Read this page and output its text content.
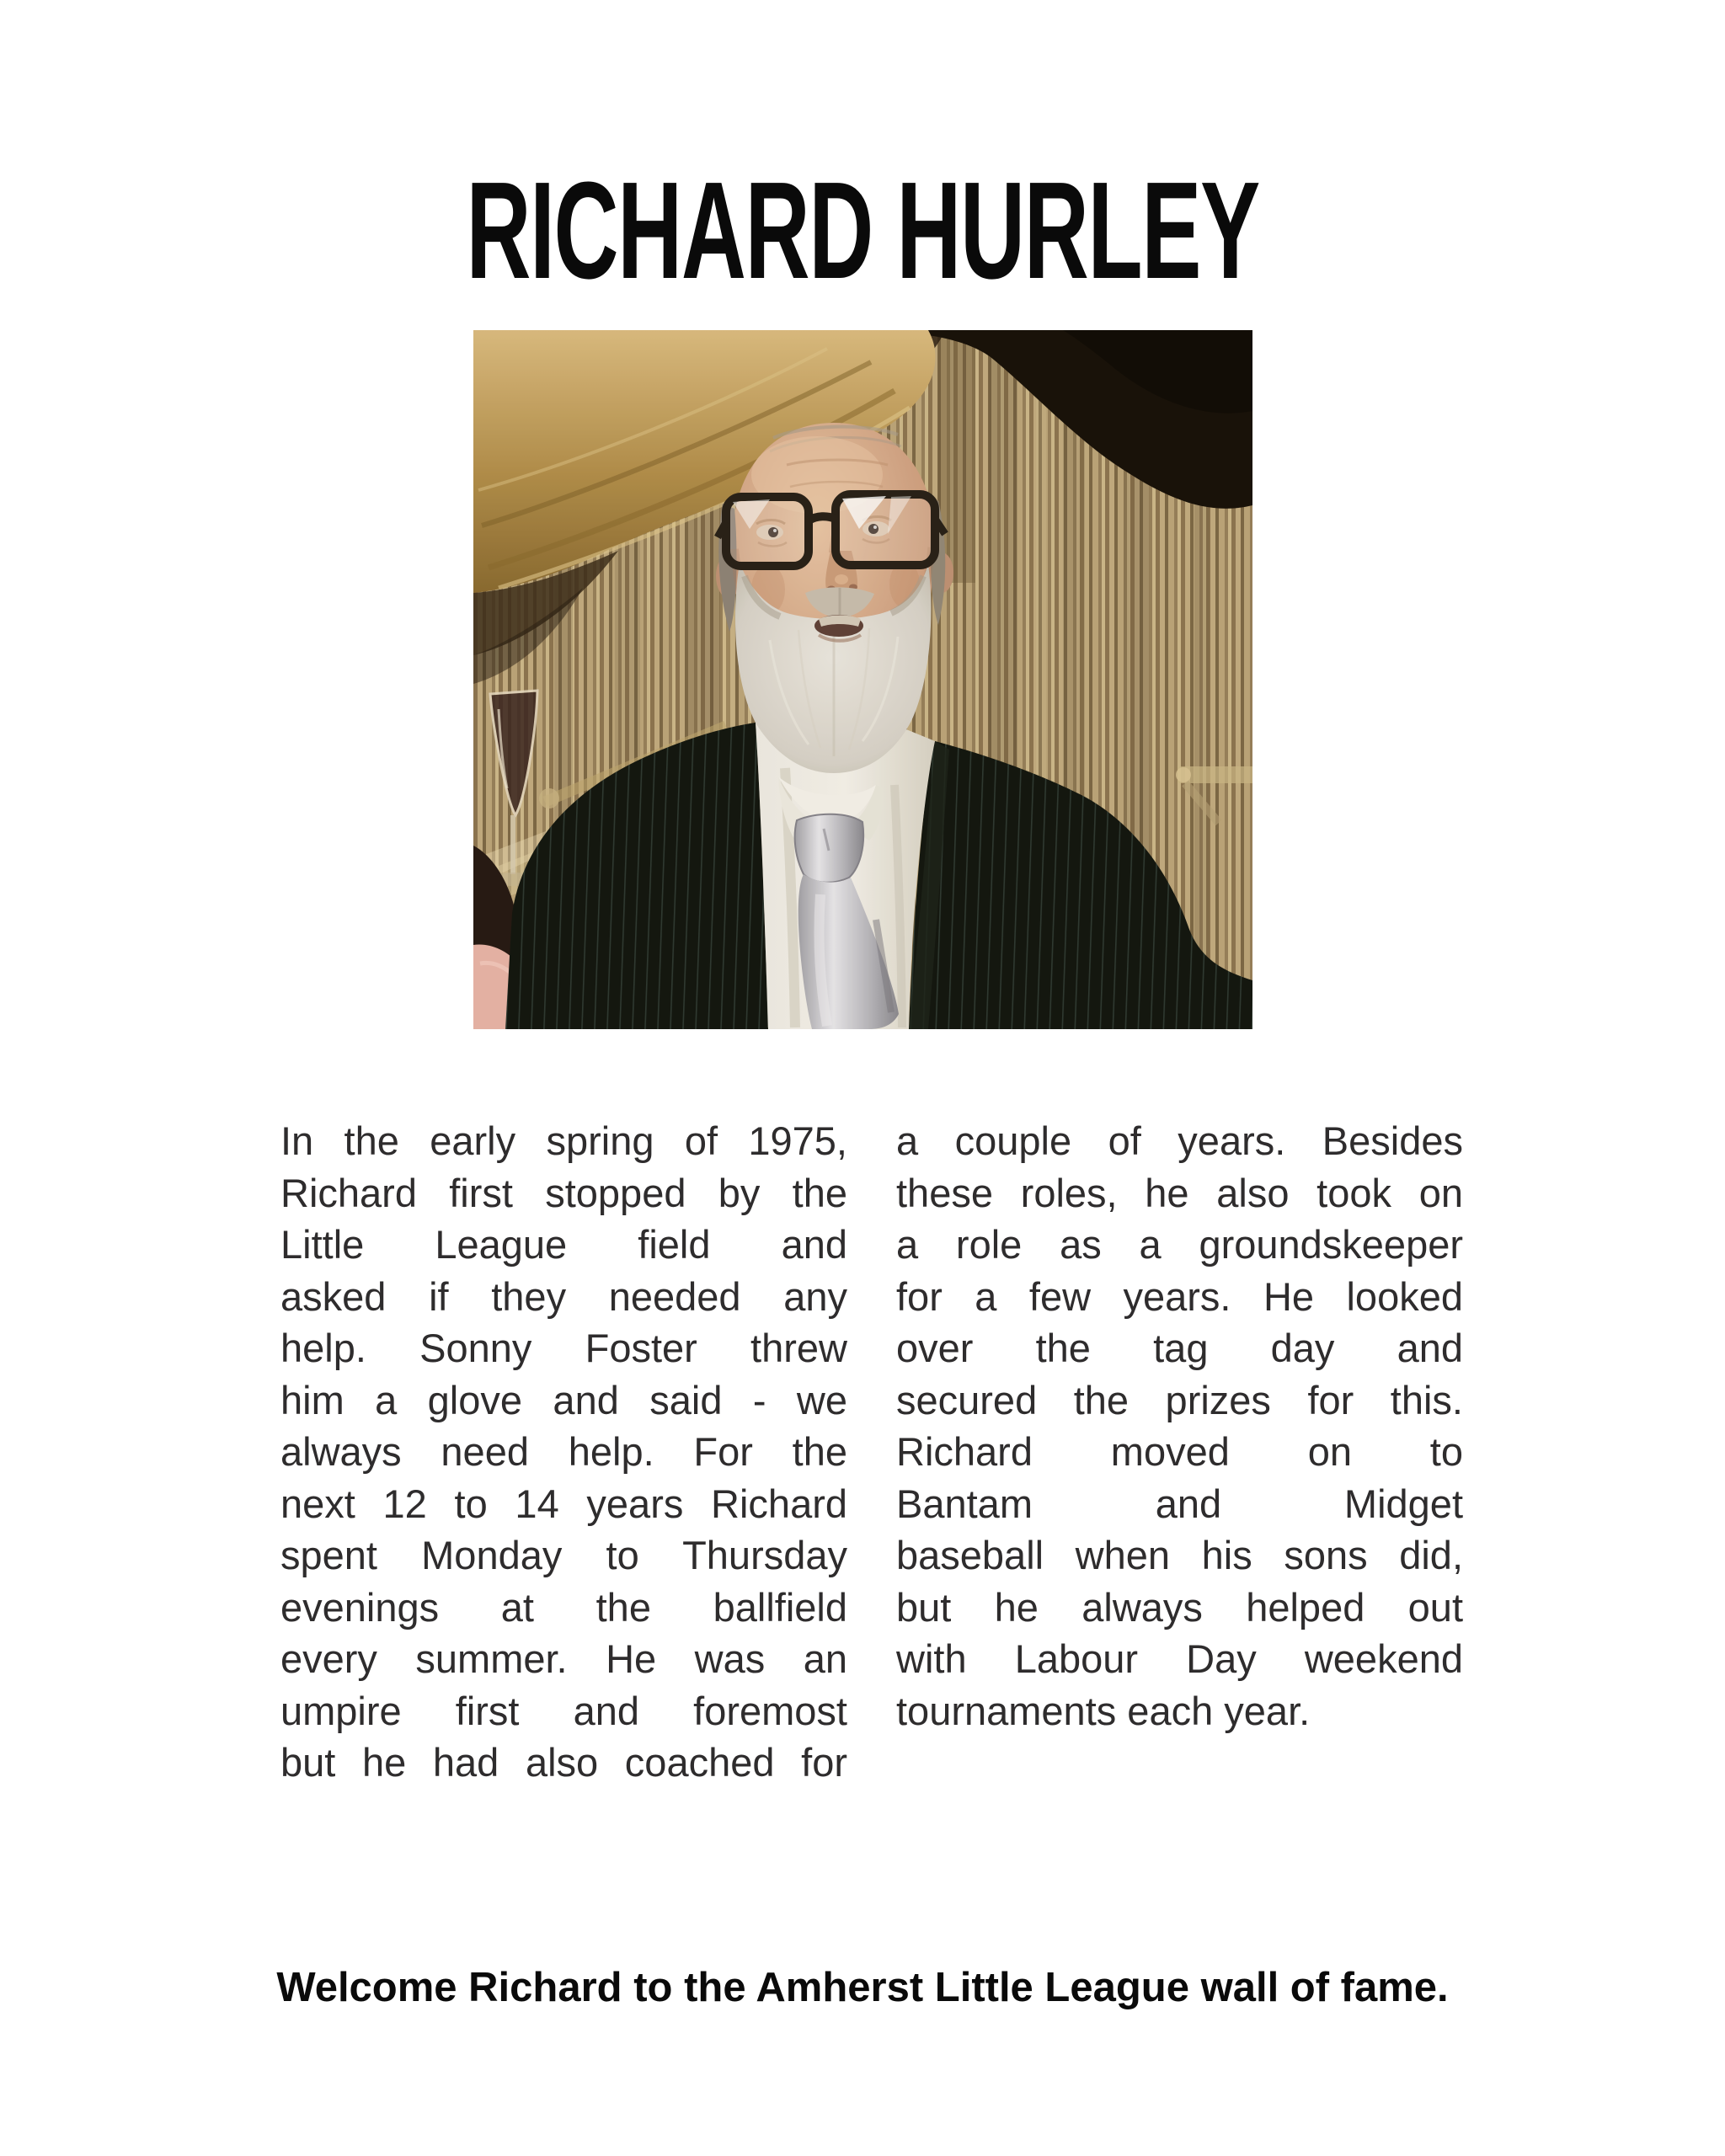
RICHARD HURLEY
In the early spring of 1975,
Richard first stopped by the
Little League field and
asked if they needed any
help. Sonny Foster threw
him a glove and said - we
always need help. For the
next 12 to 14 years Richard
spent Monday to Thursday
evenings at the ballfield
every summer. He was an
umpire first and foremost
but he had also coached for
a couple of years. Besides
these roles, he also took on
a role as a groundskeeper
for a few years. He looked
over the tag day and
secured the prizes for this.
Richard moved on to
Bantam and Midget
baseball when his sons did,
but he always helped out
with Labour Day weekend
tournaments each year.
Welcome Richard to the Amherst Little League wall of fame.
